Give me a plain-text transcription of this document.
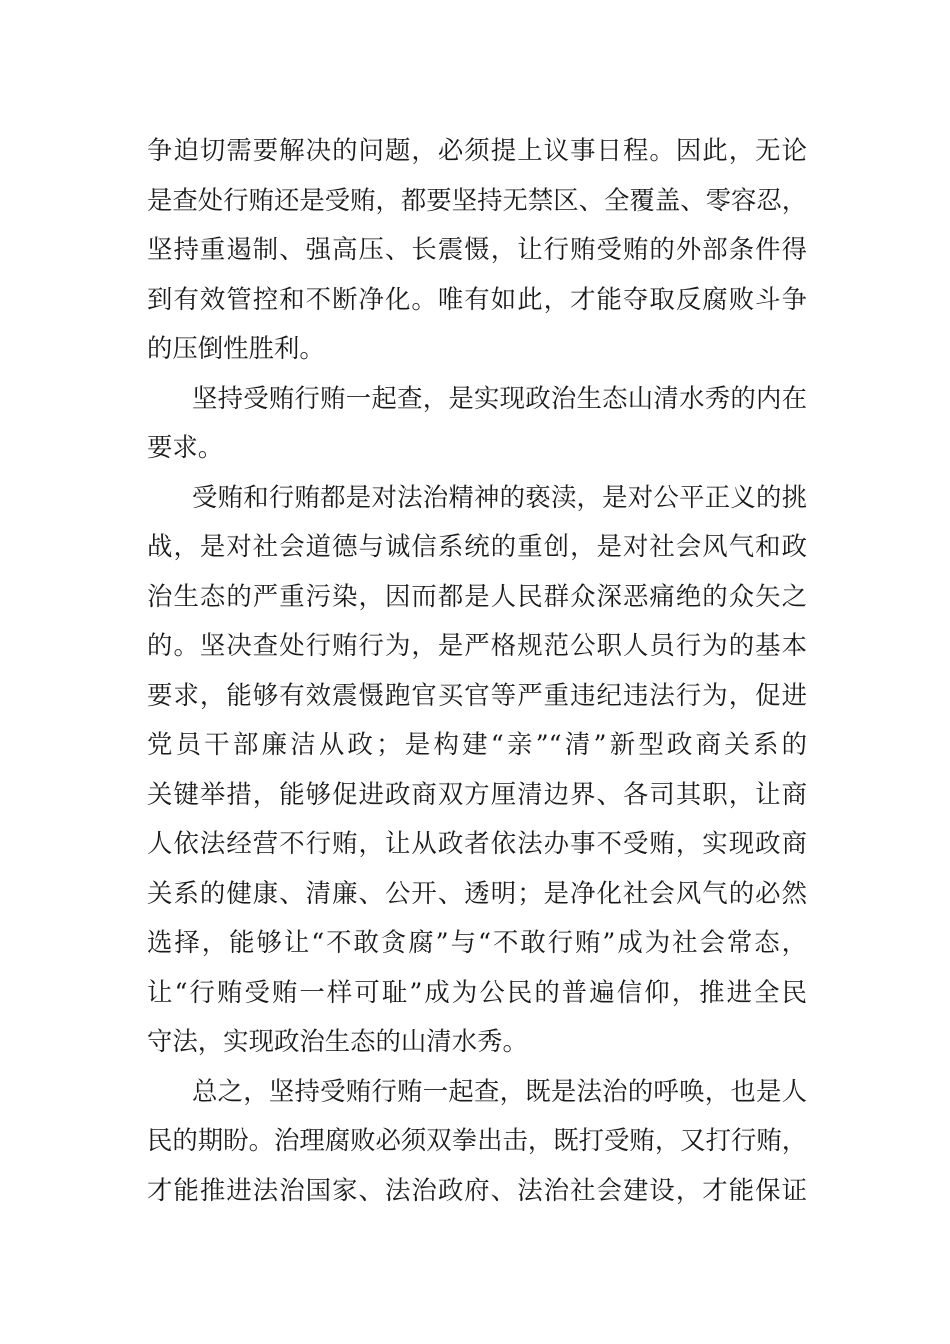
争迫切需要解决的问题，必须提上议事日程。因此，无论
是查处行贿还是受贿，都要坚持无禁区、全覆盖、零容忍，
坚持重遏制、强高压、长震慑，让行贿受贿的外部条件得
到有效管控和不断净化。唯有如此，才能夺取反腐败斗争
的压倒性胜利。
坚持受贿行贿一起查，是实现政治生态山清水秀的内在
要求。
受贿和行贿都是对法治精神的亵渎，是对公平正义的挑
战，是对社会道德与诚信系统的重创，是对社会风气和政
治生态的严重污染，因而都是人民群众深恶痛绝的众矢之
的。坚决查处行贿行为，是严格规范公职人员行为的基本
要求，能够有效震慑跑官买官等严重违纪违法行为，促进
党员干部廉洁从政；是构建“亲”“清”新型政商关系的
关键举措，能够促进政商双方厘清边界、各司其职，让商
人依法经营不行贿，让从政者依法办事不受贿，实现政商
关系的健康、清廉、公开、透明；是净化社会风气的必然
选择，能够让“不敢贪腐”与“不敢行贿”成为社会常态，
让“行贿受贿一样可耻”成为公民的普遍信仰，推进全民
守法，实现政治生态的山清水秀。
总之，坚持受贿行贿一起查，既是法治的呼唤，也是人
民的期盼。治理腐败必须双拳出击，既打受贿，又打行贿，
才能推进法治国家、法治政府、法治社会建设，才能保证
